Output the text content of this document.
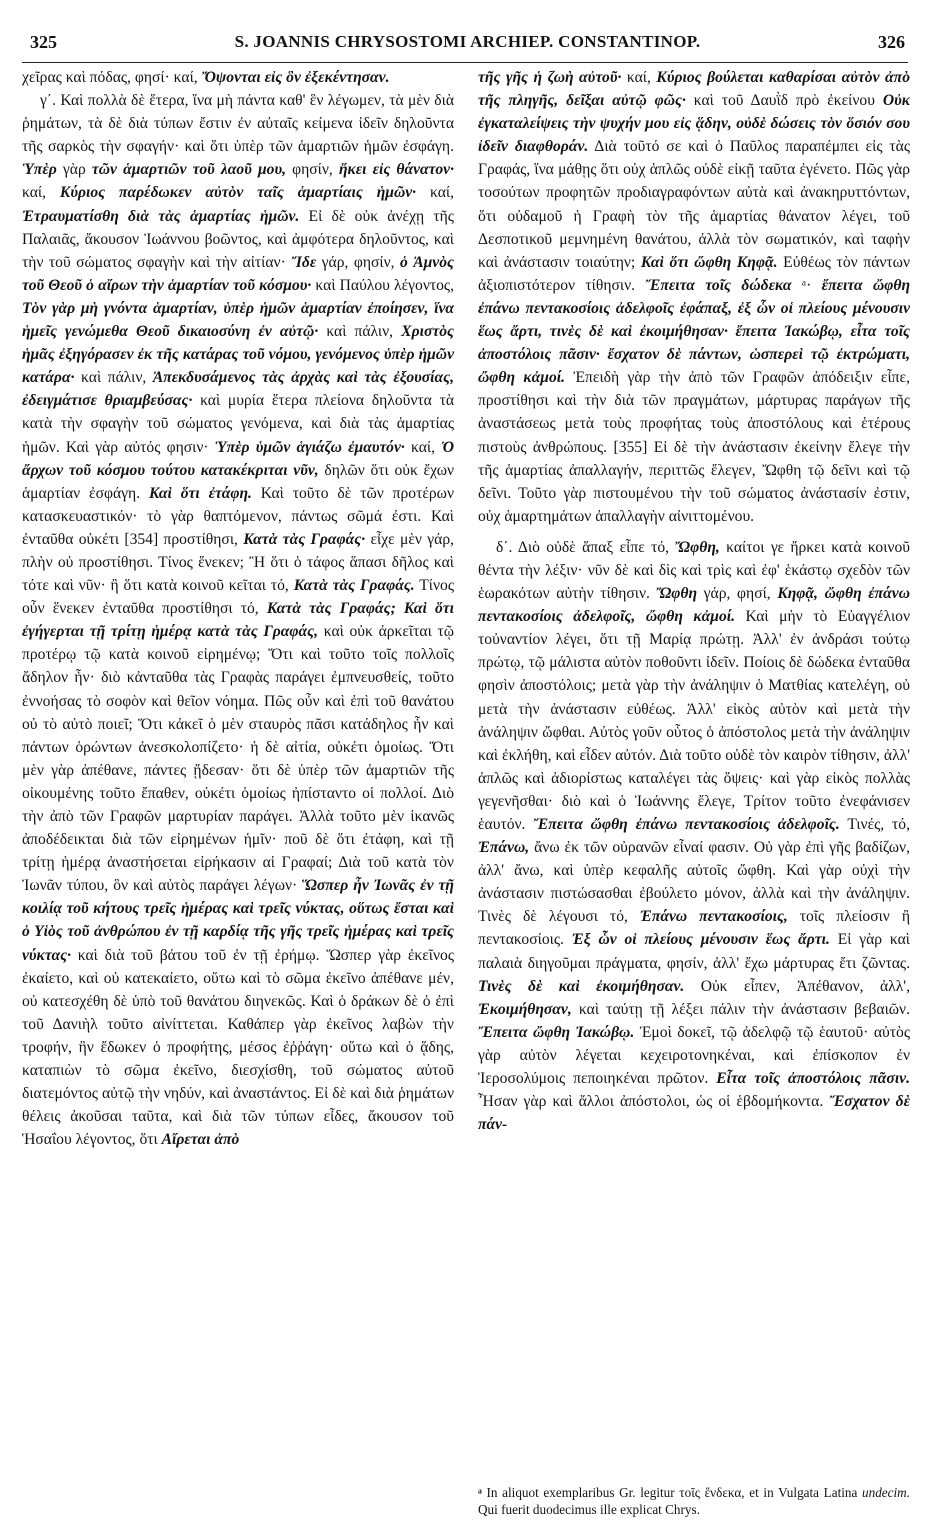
325	S. JOANNIS CHRYSOSTOMI ARCHIEP. CONSTANTINOP.	326

χεῖρας καὶ πόδας, φησί· καί, Ὄψονται εἰς ὃν ἐξεκέντησαν.

γ΄. Καὶ πολλὰ δὲ ἕτερα, ἵνα μὴ πάντα καθ' ἓν λέγωμεν, τὰ μὲν διὰ ῥημάτων, τὰ δὲ διὰ τύπων ἔστιν ἐν αὐταῖς κείμενα ἰδεῖν δηλοῦντα τῆς σαρκὸς τὴν σφαγήν· καὶ ὅτι ὑπὲρ τῶν ἁμαρτιῶν ἡμῶν ἐσφάγη. Ὑπὲρ γὰρ τῶν ἁμαρτιῶν τοῦ λαοῦ μου, φησίν, ἥκει εἰς θάνατον· καί, Κύριος παρέδωκεν αὐτὸν ταῖς ἁμαρτίαις ἡμῶν· καί, Ἐτραυματίσθη διὰ τὰς ἁμαρτίας ἡμῶν. Εἰ δὲ οὐκ ἀνέχῃ τῆς Παλαιᾶς, ἄκουσον Ἰωάννου βοῶντος, καὶ ἀμφότερα δηλοῦντος, καὶ τὴν τοῦ σώματος σφαγὴν καὶ τὴν αἰτίαν· Ἴδε γάρ, φησίν, ὁ Ἀμνὸς τοῦ Θεοῦ ὁ αἴρων τὴν ἁμαρτίαν τοῦ κόσμου· καὶ Παύλου λέγοντος, Τὸν γὰρ μὴ γνόντα ἁμαρτίαν, ὑπὲρ ἡμῶν ἁμαρτίαν ἐποίησεν, ἵνα ἡμεῖς γενώμεθα Θεοῦ δικαιοσύνη ἐν αὐτῷ· καὶ πάλιν, Χριστὸς ἡμᾶς ἐξηγόρασεν ἐκ τῆς κατάρας τοῦ νόμου, γενόμενος ὑπὲρ ἡμῶν κατάρα· καὶ πάλιν, Ἀπεκδυσάμενος τὰς ἀρχὰς καὶ τὰς ἐξουσίας, ἐδειγμάτισε θριαμβεύσας· καὶ μυρία ἕτερα πλείονα δηλοῦντα τὰ κατὰ τὴν σφαγὴν τοῦ σώματος γενόμενα, καὶ διὰ τὰς ἁμαρτίας ἡμῶν. Καὶ γὰρ αὐτός φησιν· Ὑπὲρ ὑμῶν ἁγιάζω ἐμαυτόν· καί, Ὁ ἄρχων τοῦ κόσμου τούτου κατακέκριται νῦν, δηλῶν ὅτι οὐκ ἔχων ἁμαρτίαν ἐσφάγη. Καὶ ὅτι ἐτάφη. Καὶ τοῦτο δὲ τῶν προτέρων κατασκευαστικόν· τὸ γὰρ θαπτόμενον, πάντως σῶμά ἐστι. Καὶ ἐνταῦθα οὐκέτι [354] προστίθησι, Κατὰ τὰς Γραφάς· εἶχε μὲν γάρ, πλὴν οὐ προστίθησι. Τίνος ἕνεκεν; Ἢ ὅτι ὁ τάφος ἅπασι δῆλος καὶ τότε καὶ νῦν· ἢ ὅτι κατὰ κοινοῦ κεῖται τό, Κατὰ τὰς Γραφάς. Τίνος οὖν ἕνεκεν ἐνταῦθα προστίθησι τό, Κατὰ τὰς Γραφάς; Καὶ ὅτι ἐγήγερται τῇ τρίτῃ ἡμέρᾳ κατὰ τὰς Γραφάς, καὶ οὐκ ἀρκεῖται τῷ προτέρῳ τῷ κατὰ κοινοῦ εἰρημένῳ; Ὅτι καὶ τοῦτο τοῖς πολλοῖς ἄδηλον ἦν· διὸ κἀνταῦθα τὰς Γραφὰς παράγει ἐμπνευσθείς, τοῦτο ἐννοήσας τὸ σοφὸν καὶ θεῖον νόημα. Πῶς οὖν καὶ ἐπὶ τοῦ θανάτου οὐ τὸ αὐτὸ ποιεῖ; Ὅτι κἀκεῖ ὁ μὲν σταυρὸς πᾶσι κατάδηλος ἦν καὶ πάντων ὁρώντων ἀνεσκολοπίζετο· ἡ δὲ αἰτία, οὐκέτι ὁμοίως. Ὅτι μὲν γὰρ ἀπέθανε, πάντες ᾔδεσαν· ὅτι δὲ ὑπὲρ τῶν ἁμαρτιῶν τῆς οἰκουμένης τοῦτο ἔπαθεν, οὐκέτι ὁμοίως ἠπίσταντο οἱ πολλοί. Διὸ τὴν ἀπὸ τῶν Γραφῶν μαρτυρίαν παράγει. Ἀλλὰ τοῦτο μὲν ἱκανῶς ἀποδέδεικται διὰ τῶν εἰρημένων ἡμῖν· ποῦ δὲ ὅτι ἐτάφη, καὶ τῇ τρίτῃ ἡμέρᾳ ἀναστήσεται εἰρήκασιν αἱ Γραφαί; Διὰ τοῦ κατὰ τὸν Ἰωνᾶν τύπου, ὃν καὶ αὐτὸς παράγει λέγων· Ὥσπερ ἦν Ἰωνᾶς ἐν τῇ κοιλίᾳ τοῦ κήτους τρεῖς ἡμέρας καὶ τρεῖς νύκτας, οὕτως ἔσται καὶ ὁ Υἱὸς τοῦ ἀνθρώπου ἐν τῇ καρδίᾳ τῆς γῆς τρεῖς ἡμέρας καὶ τρεῖς νύκτας· καὶ διὰ τοῦ βάτου τοῦ ἐν τῇ ἐρήμῳ. Ὥσπερ γὰρ ἐκεῖνος ἐκαίετο, καὶ οὐ κατεκαίετο, οὕτω καὶ τὸ σῶμα ἐκεῖνο ἀπέθανε μέν, οὐ κατεσχέθη δὲ ὑπὸ τοῦ θανάτου διηνεκῶς. Καὶ ὁ δράκων δὲ ὁ ἐπὶ τοῦ Δανιὴλ τοῦτο αἰνίττεται. Καθάπερ γὰρ ἐκεῖνος λαβὼν τὴν τροφήν, ἣν ἔδωκεν ὁ προφήτης, μέσος ἐῤῥάγη· οὕτω καὶ ὁ ᾅδης, καταπιὼν τὸ σῶμα ἐκεῖνο, διεσχίσθη, τοῦ σώματος αὐτοῦ διατεμόντος αὐτῷ τὴν νηδύν, καὶ ἀναστάντος. Εἰ δὲ καὶ διὰ ῥημάτων θέλεις ἀκοῦσαι ταῦτα, καὶ διὰ τῶν τύπων εἶδες, ἄκουσον τοῦ Ἡσαΐου λέγοντος, ὅτι Αἴρεται ἀπὸ

τῆς γῆς ἡ ζωὴ αὐτοῦ· καί, Κύριος βούλεται καθαρίσαι αὐτὸν ἀπὸ τῆς πληγῆς, δεῖξαι αὐτῷ φῶς· καὶ τοῦ Δαυῒδ πρὸ ἐκείνου Οὐκ ἐγκαταλείψεις τὴν ψυχήν μου εἰς ᾅδην, οὐδὲ δώσεις τὸν ὅσιόν σου ἰδεῖν διαφθοράν. Διὰ τοῦτό σε καὶ ὁ Παῦλος παραπέμπει εἰς τὰς Γραφάς, ἵνα μάθῃς ὅτι οὐχ ἁπλῶς οὐδὲ εἰκῇ ταῦτα ἐγένετο. Πῶς γὰρ τοσούτων προφητῶν προδιαγραφόντων αὐτὰ καὶ ἀνακηρυττόντων, ὅτι οὐδαμοῦ ἡ Γραφὴ τὸν τῆς ἁμαρτίας θάνατον λέγει, τοῦ Δεσποτικοῦ μεμνημένη θανάτου, ἀλλὰ τὸν σωματικόν, καὶ ταφὴν καὶ ἀνάστασιν τοιαύτην; Καὶ ὅτι ὤφθη Κηφᾷ. Εὐθέως τὸν πάντων ἀξιοπιστότερον τίθησιν. Ἔπειτα τοῖς δώδεκα ᵃ· ἔπειτα ὤφθη ἐπάνω πεντακοσίοις ἀδελφοῖς ἐφάπαξ, ἐξ ὧν οἱ πλείους μένουσιν ἕως ἄρτι, τινὲς δὲ καὶ ἐκοιμήθησαν· ἔπειτα Ἰακώβῳ, εἶτα τοῖς ἀποστόλοις πᾶσιν· ἔσχατον δὲ πάντων, ὡσπερεὶ τῷ ἐκτρώματι, ὤφθη κἀμοί. Ἐπειδὴ γὰρ τὴν ἀπὸ τῶν Γραφῶν ἀπόδειξιν εἶπε, προστίθησι καὶ τὴν διὰ τῶν πραγμάτων, μάρτυρας παράγων τῆς ἀναστάσεως μετὰ τοὺς προφήτας τοὺς ἀποστόλους καὶ ἑτέρους πιστοὺς ἀνθρώπους. [355] Εἰ δὲ τὴν ἀνάστασιν ἐκείνην ἔλεγε τὴν τῆς ἁμαρτίας ἀπαλλαγήν, περιττῶς ἔλεγεν, Ὤφθη τῷ δεῖνι καὶ τῷ δεῖνι. Τοῦτο γὰρ πιστουμένου τὴν τοῦ σώματος ἀνάστασίν ἐστιν, οὐχ ἁμαρτημάτων ἀπαλλαγὴν αἰνιττομένου.

δ΄. Διὸ οὐδὲ ἅπαξ εἶπε τό, Ὤφθη, καίτοι γε ἤρκει κατὰ κοινοῦ θέντα τὴν λέξιν· νῦν δὲ καὶ δὶς καὶ τρὶς καὶ ἐφ' ἑκάστῳ σχεδὸν τῶν ἑωρακότων αὐτὴν τίθησιν. Ὤφθη γάρ, φησί, Κηφᾷ, ὤφθη ἐπάνω πεντακοσίοις ἀδελφοῖς, ὤφθη κἀμοί. Καὶ μὴν τὸ Εὐαγγέλιον τοὐναντίον λέγει, ὅτι τῇ Μαρίᾳ πρώτῃ. Ἀλλ' ἐν ἀνδράσι τούτῳ πρώτῳ, τῷ μάλιστα αὐτὸν ποθοῦντι ἰδεῖν. Ποίοις δὲ δώδεκα ἐνταῦθα φησὶν ἀποστόλοις; μετὰ γὰρ τὴν ἀνάληψιν ὁ Ματθίας κατελέγη, οὐ μετὰ τὴν ἀνάστασιν εὐθέως. Ἀλλ' εἰκὸς αὐτὸν καὶ μετὰ τὴν ἀνάληψιν ὤφθαι. Αὐτὸς γοῦν οὗτος ὁ ἀπόστολος μετὰ τὴν ἀνάληψιν καὶ ἐκλήθη, καὶ εἶδεν αὐτόν. Διὰ τοῦτο οὐδὲ τὸν καιρὸν τίθησιν, ἀλλ' ἁπλῶς καὶ ἀδιορίστως καταλέγει τὰς ὄψεις· καὶ γὰρ εἰκὸς πολλὰς γεγενῆσθαι· διὸ καὶ ὁ Ἰωάννης ἔλεγε, Τρίτον τοῦτο ἐνεφάνισεν ἑαυτόν. Ἔπειτα ὤφθη ἐπάνω πεντακοσίοις ἀδελφοῖς. Τινές, τό, Ἐπάνω, ἄνω ἐκ τῶν οὐρανῶν εἶναί φασιν. Οὐ γὰρ ἐπὶ γῆς βαδίζων, ἀλλ' ἄνω, καὶ ὑπὲρ κεφαλῆς αὐτοῖς ὤφθη. Καὶ γὰρ οὐχὶ τὴν ἀνάστασιν πιστώσασθαι ἐβούλετο μόνον, ἀλλὰ καὶ τὴν ἀνάληψιν. Τινὲς δὲ λέγουσι τό, Ἐπάνω πεντακοσίοις, τοῖς πλείοσιν ἢ πεντακοσίοις. Ἐξ ὧν οἱ πλείους μένουσιν ἕως ἄρτι. Εἰ γὰρ καὶ παλαιὰ διηγοῦμαι πράγματα, φησίν, ἀλλ' ἔχω μάρτυρας ἔτι ζῶντας. Τινὲς δὲ καὶ ἐκοιμήθησαν. Οὐκ εἶπεν, Ἀπέθανον, ἀλλ', Ἐκοιμήθησαν, καὶ ταύτῃ τῇ λέξει πάλιν τὴν ἀνάστασιν βεβαιῶν. Ἔπειτα ὤφθη Ἰακώβῳ. Ἐμοὶ δοκεῖ, τῷ ἀδελφῷ τῷ ἑαυτοῦ· αὐτὸς γὰρ αὐτὸν λέγεται κεχειροτονηκέναι, καὶ ἐπίσκοπον ἐν Ἱεροσολύμοις πεποιηκέναι πρῶτον. Εἶτα τοῖς ἀποστόλοις πᾶσιν. Ἦσαν γὰρ καὶ ἄλλοι ἀπόστολοι, ὡς οἱ ἑβδομήκοντα. Ἔσχατον δὲ πάν-

ᵃ In aliquot exemplaribus Gr. legitur τοῖς ἕνδεκα, et in Vulgata Latina undecim. Qui fuerit duodecimus ille explicat Chrys.
